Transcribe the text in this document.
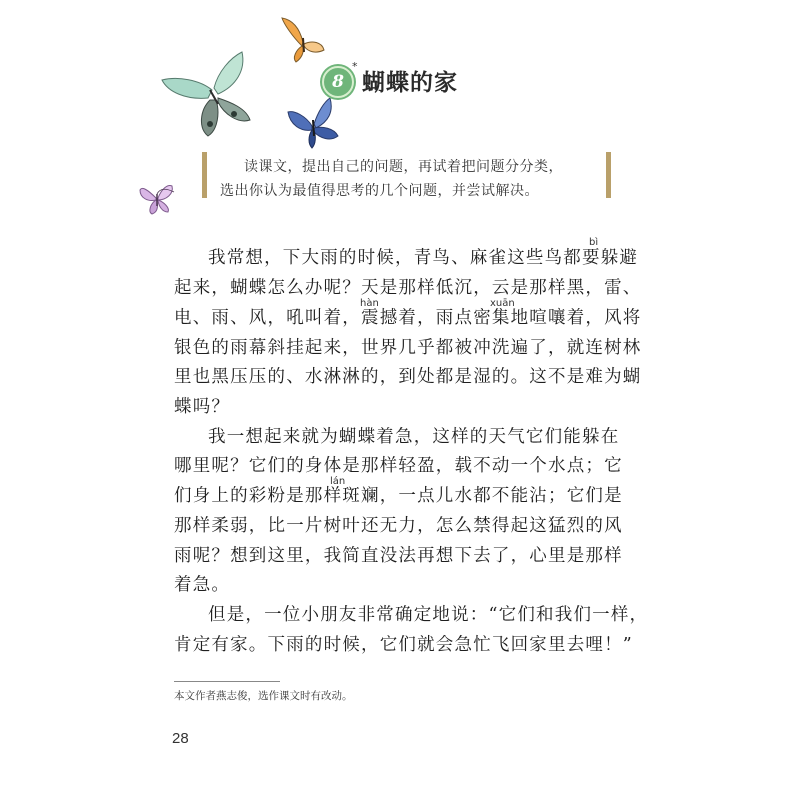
8
*
蝴蝶的家
读课文，提出自己的问题，再试着把问题分分类，
选出你认为最值得思考的几个问题，并尝试解决。
bì
hàn	xuān
lán
我常想，下大雨的时候，青鸟、麻雀这些鸟都要躲避
起来，蝴蝶怎么办呢？天是那样低沉，云是那样黑，雷、
电、雨、风，吼叫着，震撼着，雨点密集地喧嚷着，风将
银色的雨幕斜挂起来，世界几乎都被冲洗遍了，就连树林
里也黑压压的、水淋淋的，到处都是湿的。这不是难为蝴
蝶吗？
我一想起来就为蝴蝶着急，这样的天气它们能躲在
哪里呢？它们的身体是那样轻盈，载不动一个水点；它
们身上的彩粉是那样斑斓，一点儿水都不能沾；它们是
那样柔弱，比一片树叶还无力，怎么禁得起这猛烈的风
雨呢？想到这里，我简直没法再想下去了，心里是那样
着急。
但是，一位小朋友非常确定地说：“它们和我们一样，
肯定有家。下雨的时候，它们就会急忙飞回家里去哩！”
本文作者燕志俊，选作课文时有改动。
28
